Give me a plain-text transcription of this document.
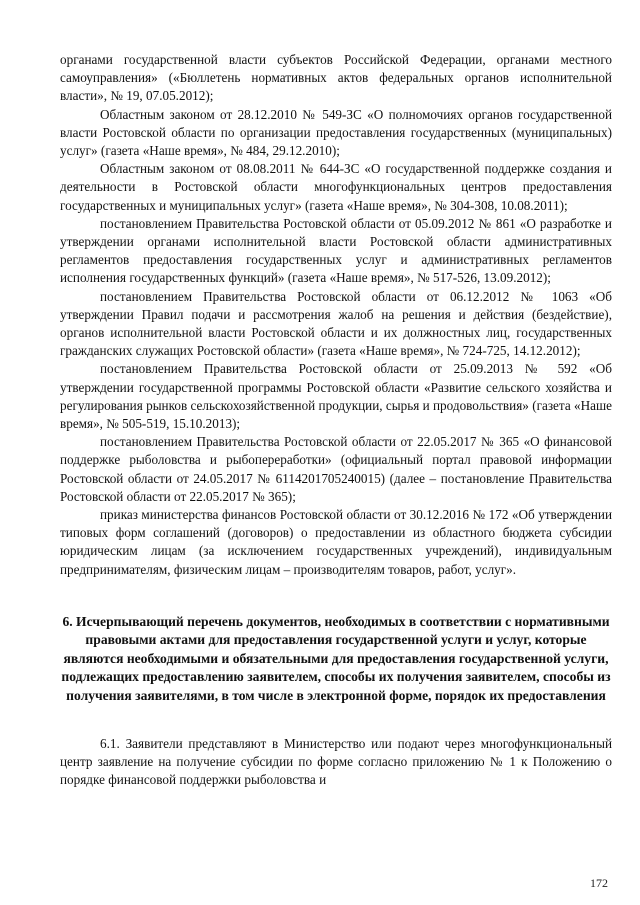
органами государственной власти субъектов Российской Федерации, органами местного самоуправления» («Бюллетень нормативных актов федеральных органов исполнительной власти», № 19, 07.05.2012);

Областным законом от 28.12.2010 № 549-ЗС «О полномочиях органов государственной власти Ростовской области по организации предоставления государственных (муниципальных) услуг» (газета «Наше время», № 484, 29.12.2010);

Областным законом от 08.08.2011 № 644-ЗС «О государственной поддержке создания и деятельности в Ростовской области многофункциональных центров предоставления государственных и муниципальных услуг» (газета «Наше время», № 304-308, 10.08.2011);

постановлением Правительства Ростовской области от 05.09.2012 № 861 «О разработке и утверждении органами исполнительной власти Ростовской области административных регламентов предоставления государственных услуг и административных регламентов исполнения государственных функций» (газета «Наше время», № 517-526, 13.09.2012);

постановлением Правительства Ростовской области от 06.12.2012 № 1063 «Об утверждении Правил подачи и рассмотрения жалоб на решения и действия (бездействие), органов исполнительной власти Ростовской области и их должностных лиц, государственных гражданских служащих Ростовской области» (газета «Наше время», № 724-725, 14.12.2012);

постановлением Правительства Ростовской области от 25.09.2013 № 592 «Об утверждении государственной программы Ростовской области «Развитие сельского хозяйства и регулирования рынков сельскохозяйственной продукции, сырья и продовольствия» (газета «Наше время», № 505-519, 15.10.2013);

постановлением Правительства Ростовской области от 22.05.2017 № 365 «О финансовой поддержке рыболовства и рыбопереработки» (официальный портал правовой информации Ростовской области от 24.05.2017 № 6114201705240015) (далее – постановление Правительства Ростовской области от 22.05.2017 № 365);

приказ министерства финансов Ростовской области от 30.12.2016 № 172 «Об утверждении типовых форм соглашений (договоров) о предоставлении из областного бюджета субсидии юридическим лицам (за исключением государственных учреждений), индивидуальным предпринимателям, физическим лицам – производителям товаров, работ, услуг».

6. Исчерпывающий перечень документов, необходимых в соответствии с нормативными правовыми актами для предоставления государственной услуги и услуг, которые являются необходимыми и обязательными для предоставления государственной услуги, подлежащих предоставлению заявителем, способы их получения заявителем, способы из получения заявителями, в том числе в электронной форме, порядок их предоставления

6.1. Заявители представляют в Министерство или подают через многофункциональный центр заявление на получение субсидии по форме согласно приложению № 1 к Положению о порядке финансовой поддержки рыболовства и

172
